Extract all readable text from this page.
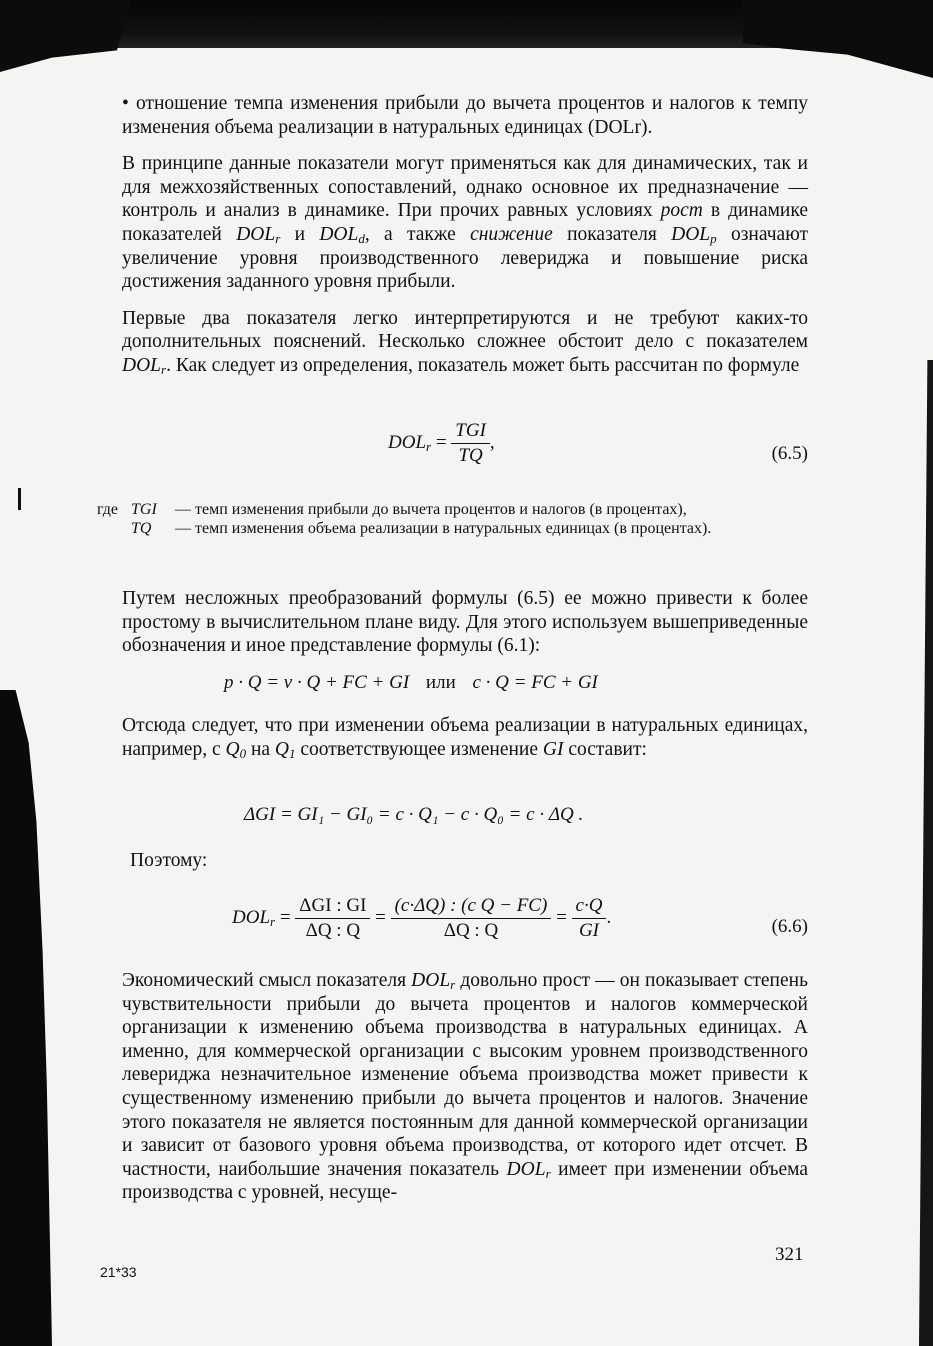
• отношение темпа изменения прибыли до вычета процентов и налогов к темпу изменения объема реализации в натуральных единицах (DOLr).

В принципе данные показатели могут применяться как для динамических, так и для межхозяйственных сопоставлений, однако основное их предназначение — контроль и анализ в динамике. При прочих равных условиях рост в динамике показателей $DOL_r$ и $DOL_d$, а также снижение показателя $DOL_p$ означают увеличение уровня производственного левериджа и повышение риска достижения заданного уровня прибыли.

Первые два показателя легко интерпретируются и не требуют каких-то дополнительных пояснений. Несколько сложнее обстоит дело с показателем $DOL_r$. Как следует из определения, показатель может быть рассчитан по формуле

$DOL_r = \frac{\text{TGI}}{TQ}$ ,
(6.5)
где TGI	— темп изменения прибыли до вычета процентов и налогов (в процентах),
TQ	— темп изменения объема реализации в натуральных единицах (в процентах).

Путем несложных преобразований формулы (6.5) ее можно привести к более простому в вычислительном плане виду. Для этого используем вышеприведенные обозначения и иное представление формулы (6.1):

p · Q = v · Q + FC + GI или c · Q = FC + GI

Отсюда следует, что при изменении объема реализации в натуральных единицах, например, с $Q_0$ на $Q_1$ соответствующее изменение GI составит:

ΔGI = GI₁ − GI₀ = c · Q₁ − c · Q₀ = c · ΔQ .
Поэтому:
$DOL_r = \frac{\text{ΔGI : GI}}{\Delta Q : Q} = \frac{\text{(c·ΔQ) : (c Q − FC)}}{\Delta Q : Q} = \frac{c\cdot Q}{GI}$ .	(6.6)

Экономический смысл показателя $DOL_r$ довольно прост — он показывает степень чувствительности прибыли до вычета процентов и налогов коммерческой организации к изменению объема производства в натуральных единицах. А именно, для коммерческой организации с высоким уровнем производственного левериджа незначительное изменение объема производства может привести к существенному изменению прибыли до вычета процентов и налогов. Значение этого показателя не является постоянным для данной коммерческой организации и зависит от базового уровня объема производства, от которого идет отсчет. В частности, наибольшие значения показатель $DOL_r$ имеет при изменении объема производства с уровней, несуще-

321
21*33
